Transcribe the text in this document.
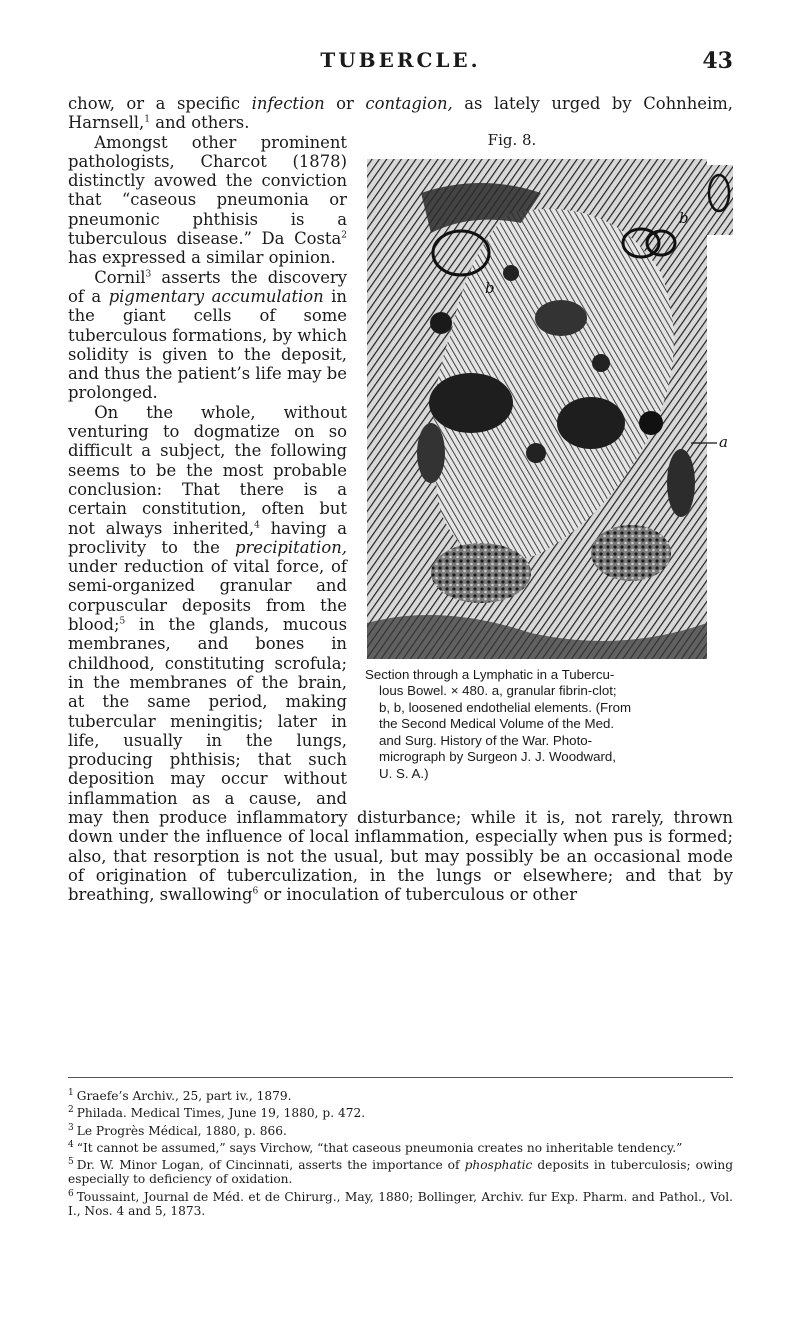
TUBERCLE.	43

chow, or a specific infection or contagion, as lately urged by Cohnheim, Harnsell,$^1$ and others.

Fig. 8.
b
b
a
Section through a Lymphatic in a Tubercu-
lous Bowel. × 480. a, granular fibrin-clot;
b, b, loosened endothelial elements. (From
the Second Medical Volume of the Med.
and Surg. History of the War. Photo-
micrograph by Surgeon J. J. Woodward,
U. S. A.)

Amongst other prominent pathologists, Charcot (1878) distinctly avowed the conviction that “caseous pneumonia or pneumonic phthisis is a tuberculous disease.” Da Costa$^2$ has expressed a similar opinion.

Cornil$^3$ asserts the discovery of a pigmentary accumulation in the giant cells of some tuberculous formations, by which solidity is given to the deposit, and thus the patient’s life may be prolonged.

On the whole, without venturing to dogmatize on so difficult a subject, the following seems to be the most probable conclusion: That there is a certain constitution, often but not always inherited,$^4$ having a proclivity to the precipitation, under reduction of vital force, of semi-organized granular and corpuscular deposits from the blood;$^5$ in the glands, mucous membranes, and bones in childhood, constituting scrofula; in the membranes of the brain, at the same period, making tubercular meningitis; later in life, usually in the lungs, producing phthisis; that such deposition may occur without inflammation as a cause, and may then produce inflammatory disturbance; while it is, not rarely, thrown down under the influence of local inflammation, especially when pus is formed; also, that resorption is not the usual, but may possibly be an occasional mode of origination of tuberculization, in the lungs or elsewhere; and that by breathing, swallowing$^6$ or inoculation of tuberculous or other

$^1$ Graefe’s Archiv., 25, part iv., 1879.

$^2$ Philada. Medical Times, June 19, 1880, p. 472.

$^3$ Le Progrès Médical, 1880, p. 866.

$^4$ “It cannot be assumed,” says Virchow, “that caseous pneumonia creates no inheritable tendency.”

$^5$ Dr. W. Minor Logan, of Cincinnati, asserts the importance of phosphatic deposits in tuberculosis; owing especially to deficiency of oxidation.

$^6$ Toussaint, Journal de Méd. et de Chirurg., May, 1880; Bollinger, Archiv. fur Exp. Pharm. and Pathol., Vol. I., Nos. 4 and 5, 1873.
